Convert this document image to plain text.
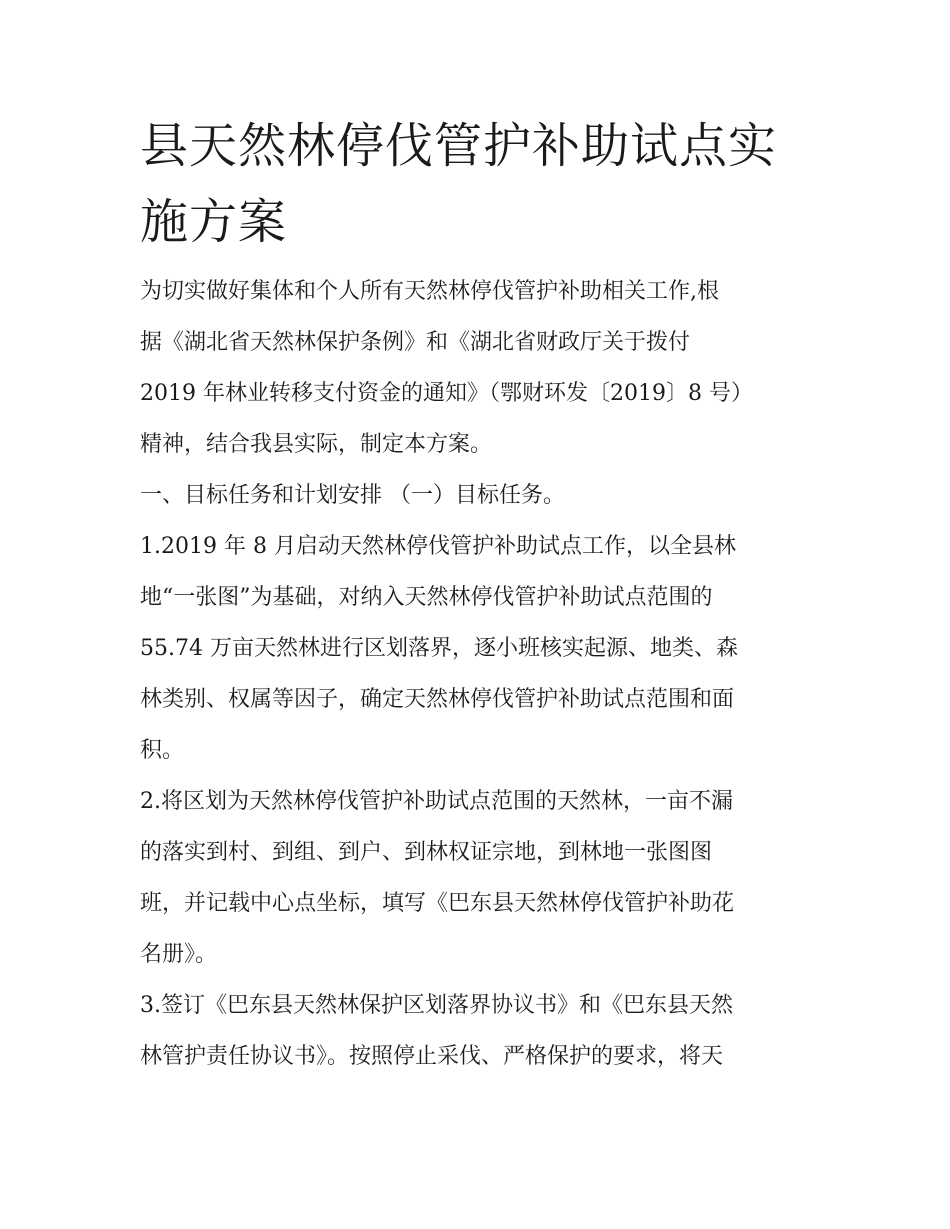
县天然林停伐管护补助试点实
施方案

为切实做好集体和个人所有天然林停伐管护补助相关工作,根
据《湖北省天然林保护条例》和《湖北省财政厅关于拨付
2019 年林业转移支付资金的通知》（鄂财环发〔2019〕8 号）
精神，结合我县实际，制定本方案。

一、目标任务和计划安排 （一）目标任务。

1.2019 年 8 月启动天然林停伐管护补助试点工作，以全县林
地“一张图”为基础，对纳入天然林停伐管护补助试点范围的
55.74 万亩天然林进行区划落界，逐小班核实起源、地类、森
林类别、权属等因子，确定天然林停伐管护补助试点范围和面
积。

2.将区划为天然林停伐管护补助试点范围的天然林，一亩不漏
的落实到村、到组、到户、到林权证宗地，到林地一张图图
班，并记载中心点坐标，填写《巴东县天然林停伐管护补助花
名册》。

3.签订《巴东县天然林保护区划落界协议书》和《巴东县天然
林管护责任协议书》。按照停止采伐、严格保护的要求，将天
